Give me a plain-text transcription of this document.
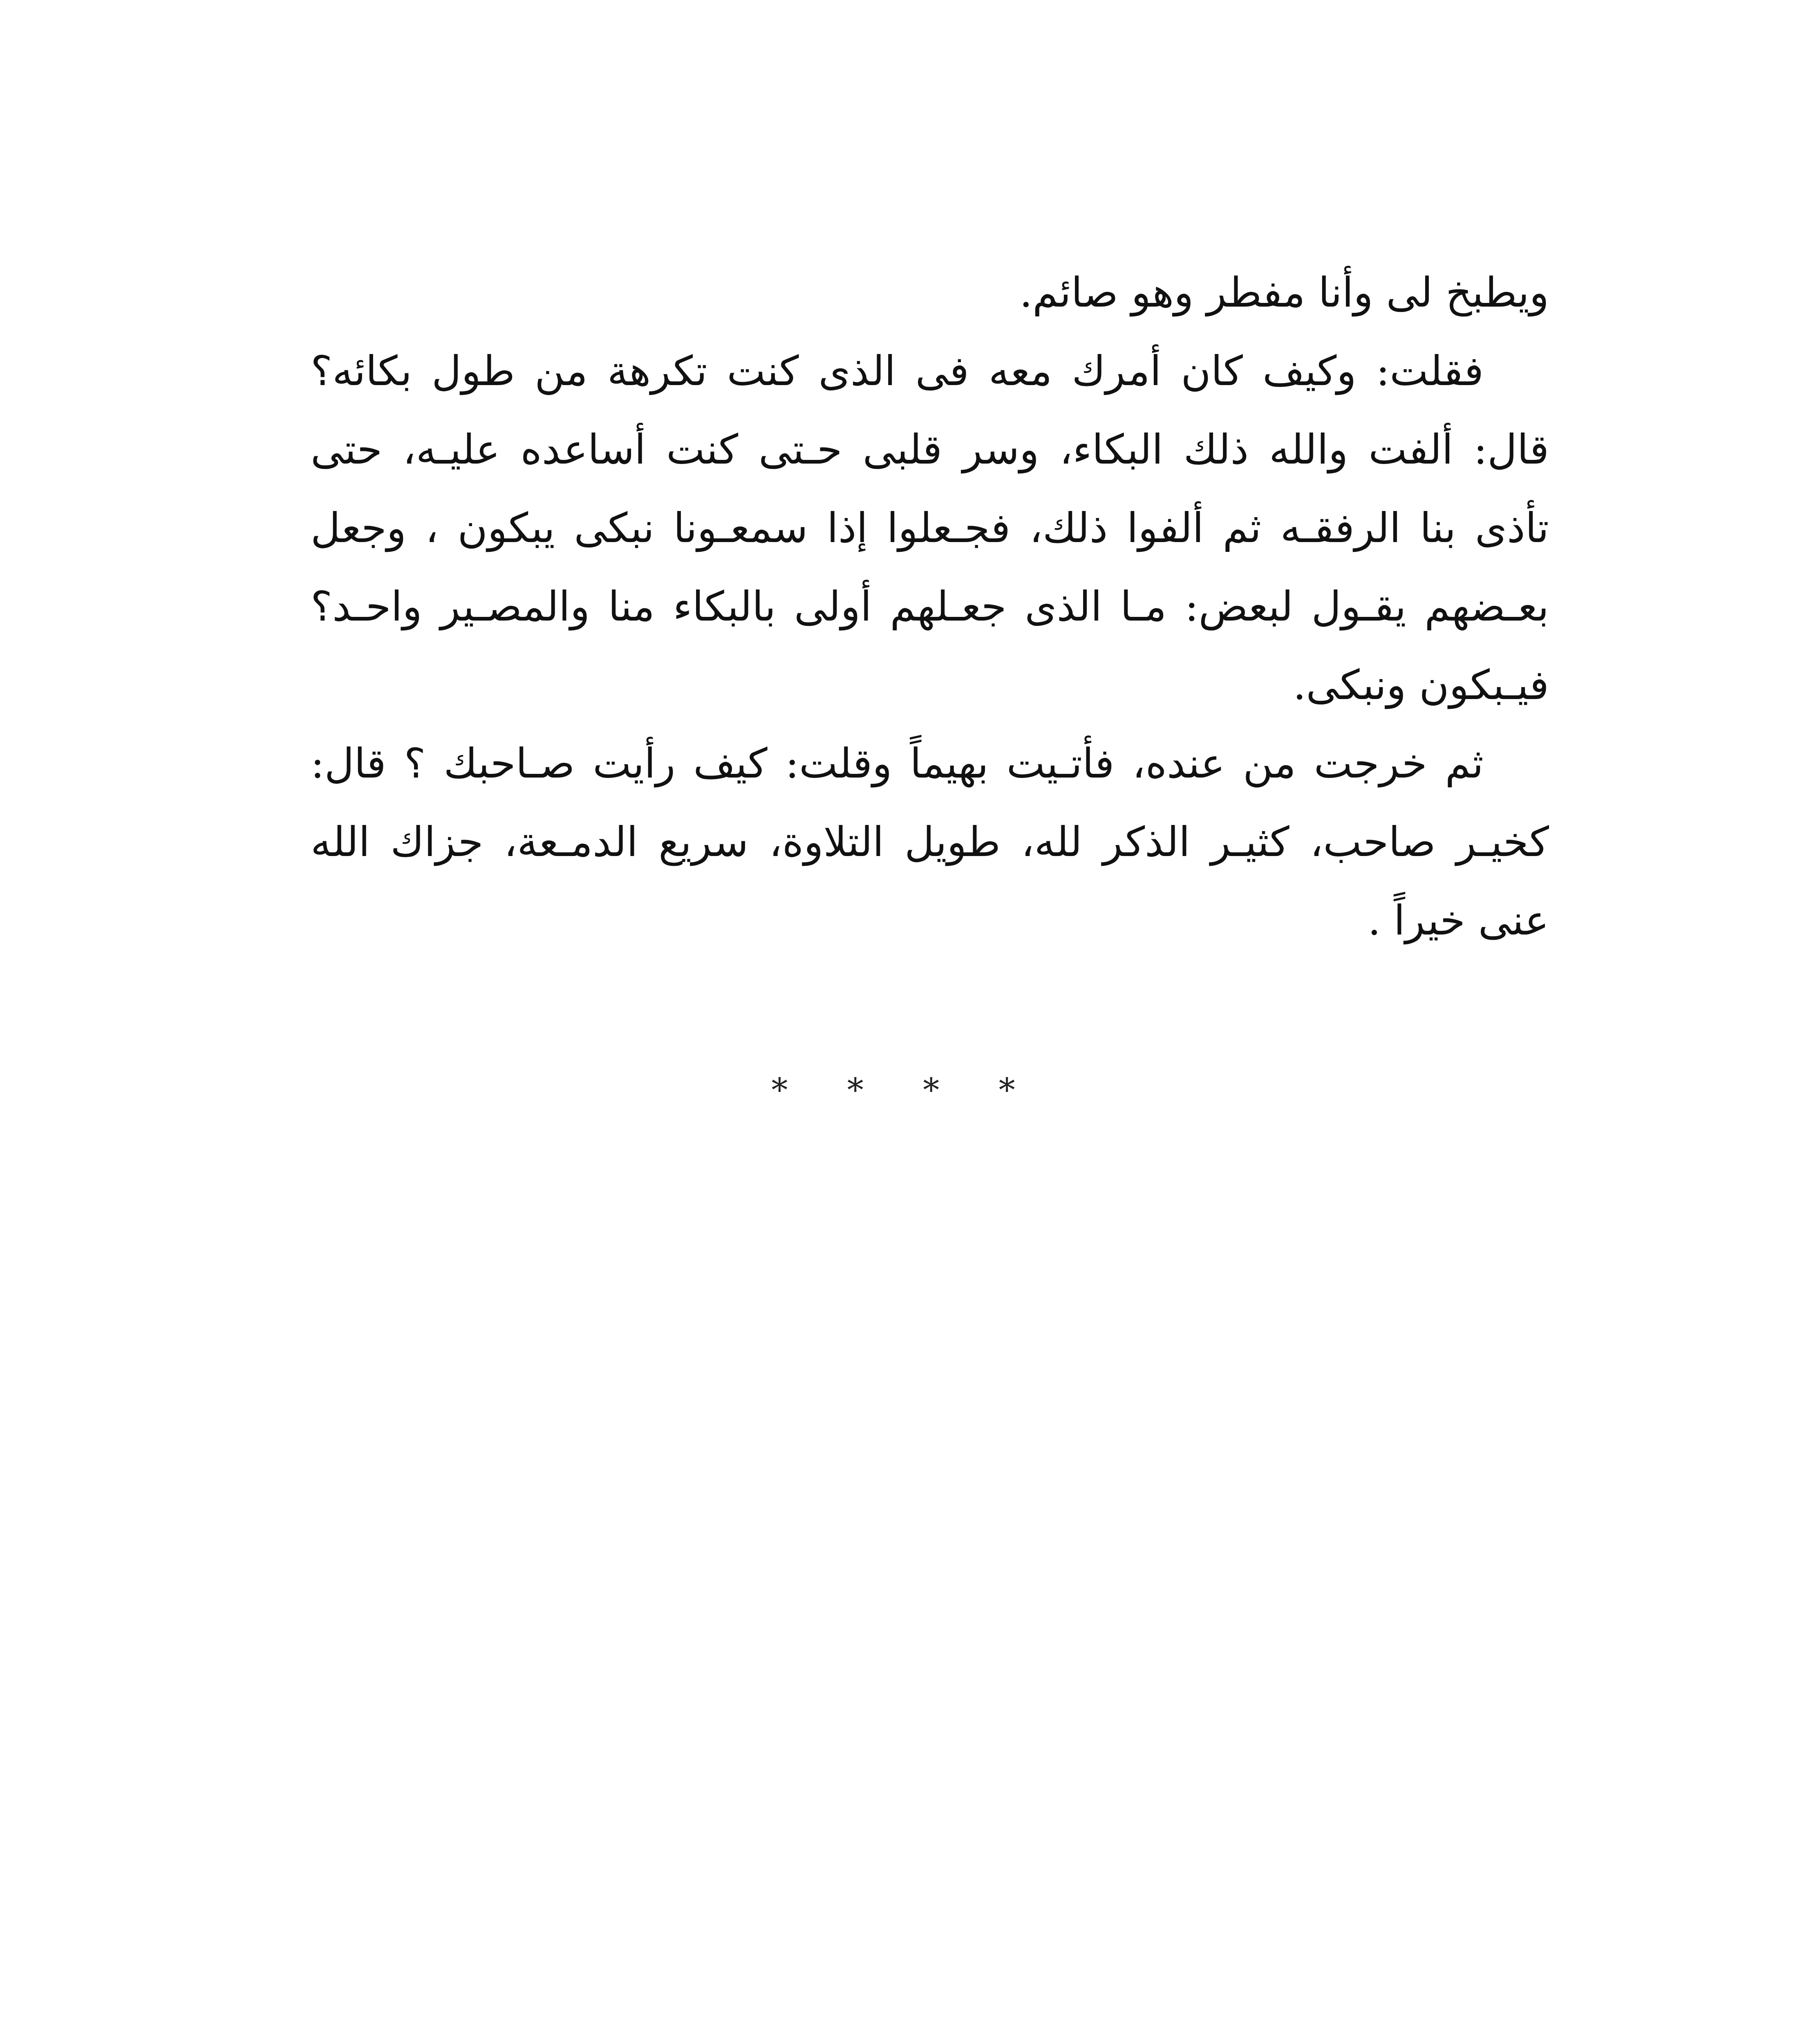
ويطبخ لى وأنا مفطر وهو صائم.

فقلت: وكيف كان أمرك معه فى الذى كنت تكرهة من طول بكائه؟ قال: ألفت والله ذلك البكاء، وسر قلبى حـتى كنت أساعده عليـه، حتى تأذى بنا الرفقـه ثم ألفوا ذلك، فجـعلوا إذا سمعـونا نبكى يبكون ، وجعل بعـضهم يقـول لبعض: مـا الذى جعـلهم أولى بالبكاء منا والمصـير واحـد؟ فيـبكون ونبكى.

ثم خرجت من عنده، فأتـيت بهيماً وقلت: كيف رأيت صـاحبك ؟ قال: كخيـر صاحب، كثيـر الذكر لله، طويل التلاوة، سريع الدمـعة، جزاك الله عنى خيراً .

* * * *
